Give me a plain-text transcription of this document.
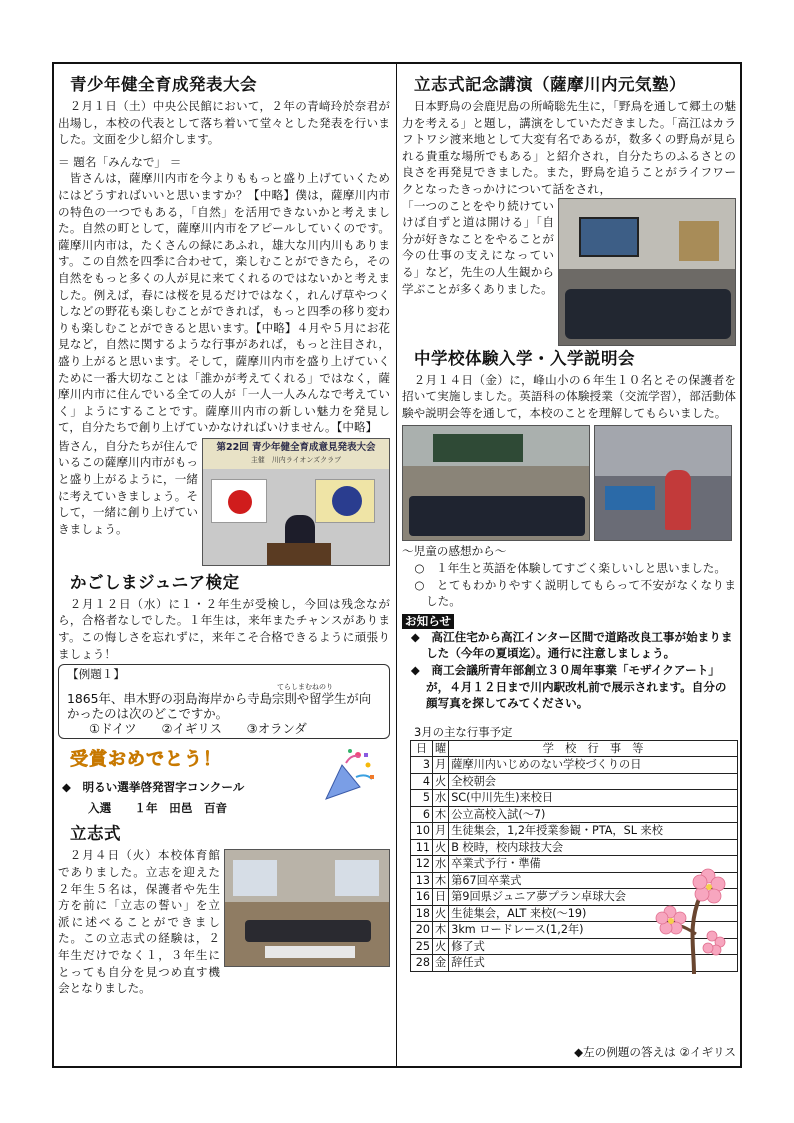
青少年健全育成発表大会

２月１日（土）中央公民館において，２年の青﨑玲於奈君が出場し，本校の代表として落ち着いて堂々とした発表を行いました。文面を少し紹介します。

＝ 題名「みんなで」 ＝

皆さんは，薩摩川内市を今よりももっと盛り上げていくためにはどうすればいいと思いますか？【中略】僕は，薩摩川内市の特色の一つでもある，「自然」を活用できないかと考えました。自然の町として，薩摩川内市をアピールしていくのです。薩摩川内市は，たくさんの緑にあふれ，雄大な川内川もあります。この自然を四季に合わせて，楽しむことができたら，その自然をもっと多くの人が見に来てくれるのではないかと考えました。例えば，春には桜を見るだけではなく，れんげ草やつくしなどの野花も楽しむことができれば，もっと四季の移り変わりも楽しむことができると思います。【中略】４月や５月にお花見など，自然に関するような行事があれば，もっと注目され，盛り上がると思います。そして，薩摩川内市を盛り上げていくために一番大切なことは「誰かが考えてくれる」ではなく，薩摩川内市に住んでいる全ての人が「一人一人みんなで考えていく」ようにすることです。薩摩川内市の新しい魅力を発見して，自分たちで創り上げていかなければいけません。【中略】

第22回 青少年健全育成意見発表大会
主催　川内ライオンズクラブ

皆さん，自分たちが住んでいるこの薩摩川内市がもっと盛り上がるように，一緒に考えていきましょう。そして，一緒に創り上げていきましょう。

かごしまジュニア検定

２月１２日（水）に１・２年生が受検し，今回は残念ながら，合格者なしでした。１年生は，来年またチャンスがあります。この悔しさを忘れずに，来年こそ合格できるように頑張りましょう！

【例題１】
てらしまむねのり
1865年、串木野の羽島海岸から寺島宗則や留学生が向かったのは次のどこですか。
①ドイツ　　②イギリス　　③オランダ
受賞おめでとう！
◆　明るい選挙啓発習字コンクール
入選　　１年　田邑　百音
立志式

２月４日（火）本校体育館でありました。立志を迎えた２年生５名は，保護者や先生方を前に「立志の誓い」を立派に述べることができました。この立志式の経験は，２年生だけでなく１，３年生にとっても自分を見つめ直す機会となりました。

立志式記念講演（薩摩川内元気塾）

日本野鳥の会鹿児島の所崎聡先生に，「野鳥を通して郷土の魅力を考える」と題し，講演をしていただきました。「高江はカラフトワシ渡来地として大変有名であるが，数多くの野鳥が見られる貴重な場所でもある」と紹介され，自分たちのふるさとの良さを再発見できました。また，野鳥を追うことがライフワークとなったきっかけについて話をされ，

「一つのことをやり続けていけば自ずと道は開ける」「自分が好きなことをやることが今の仕事の支えになっている」など，先生の人生観から学ぶことが多くありました。

中学校体験入学・入学説明会

２月１４日（金）に，峰山小の６年生１０名とその保護者を招いて実施しました。英語科の体験授業（交流学習），部活動体験や説明会等を通して，本校のことを理解してもらいました。

～児童の感想から～

○　１年生と英語を体験してすごく楽しいしと思いました。

○　とてもわかりやすく説明してもらって不安がなくなりました。

お知らせ

◆　高江住宅から高江インター区間で道路改良工事が始まりました（今年の夏頃迄）。通行に注意しましょう。

◆　商工会議所青年部創立３０周年事業「モザイクアート」が，４月１２日まで川内駅改札前で展示されます。自分の顔写真を探してみてください。

3月の主な行事予定
日	曜	学　校　行　事　等
3	月	薩摩川内いじめのない学校づくりの日
4	火	全校朝会
5	水	SC(中川先生)来校日
6	木	公立高校入試(～7)
10	月	生徒集会，1,2年授業参観・PTA，SL 来校
11	火	B 校時，校内球技大会
12	水	卒業式予行・準備
13	木	第67回卒業式
16	日	第9回県ジュニア夢プラン卓球大会
18	火	生徒集会，ALT 来校(～19)
20	木	3km ロードレース(1,2年)
25	火	修了式
28	金	辞任式
◆左の例題の答えは ②イギリス
